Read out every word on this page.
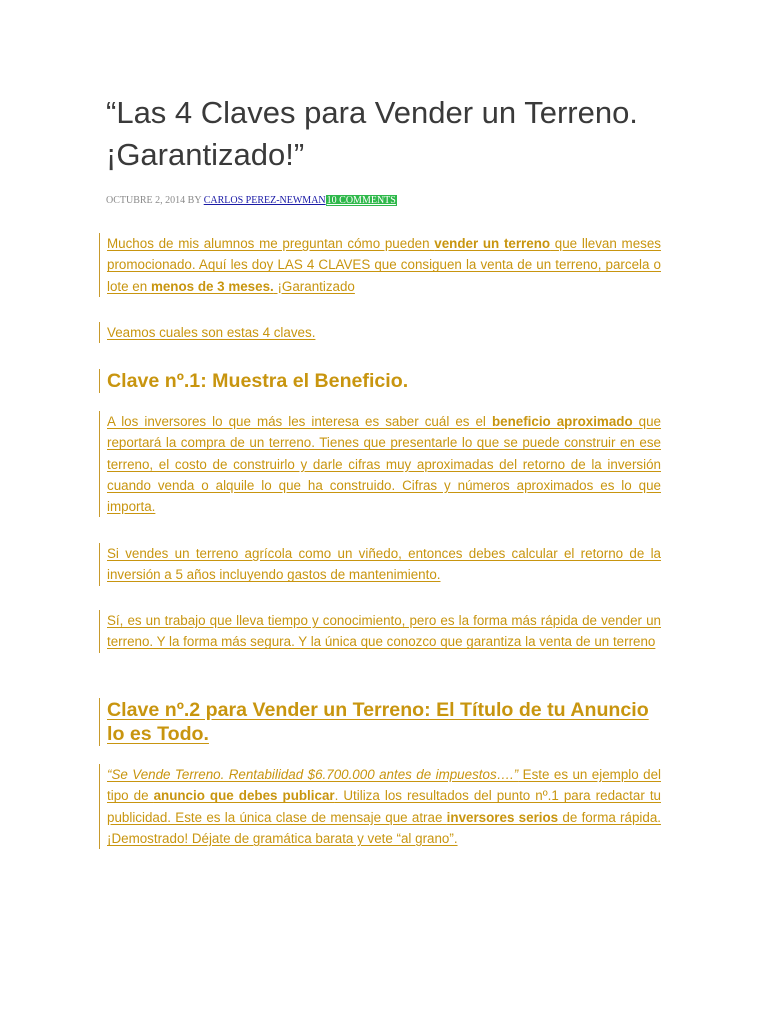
“Las 4 Claves para Vender un Terreno. ¡Garantizado!”
OCTUBRE 2, 2014 BY CARLOS PEREZ-NEWMAN10 COMMENTS

Muchos de mis alumnos me preguntan cómo pueden vender un terreno que llevan meses promocionado. Aquí les doy LAS 4 CLAVES que consiguen la venta de un terreno, parcela o lote en menos de 3 meses. ¡Garantizado

Veamos cuales son estas 4 claves.

Clave nº.1: Muestra el Beneficio.

A los inversores lo que más les interesa es saber cuál es el beneficio aproximado que reportará la compra de un terreno. Tienes que presentarle lo que se puede construir en ese terreno, el costo de construirlo y darle cifras muy aproximadas del retorno de la inversión cuando venda o alquile lo que ha construido. Cifras y números aproximados es lo que importa.

Si vendes un terreno agrícola como un viñedo, entonces debes calcular el retorno de la inversión a 5 años incluyendo gastos de mantenimiento.

Sí, es un trabajo que lleva tiempo y conocimiento, pero es la forma más rápida de vender un terreno. Y la forma más segura. Y la única que conozco que garantiza la venta de un terreno

Clave nº.2 para Vender un Terreno: El Título de tu Anuncio lo es Todo.

“Se Vende Terreno. Rentabilidad $6.700.000 antes de impuestos….” Este es un ejemplo del tipo de anuncio que debes publicar. Utiliza los resultados del punto nº.1 para redactar tu publicidad. Este es la única clase de mensaje que atrae inversores serios de forma rápida. ¡Demostrado! Déjate de gramática barata y vete “al grano”.
